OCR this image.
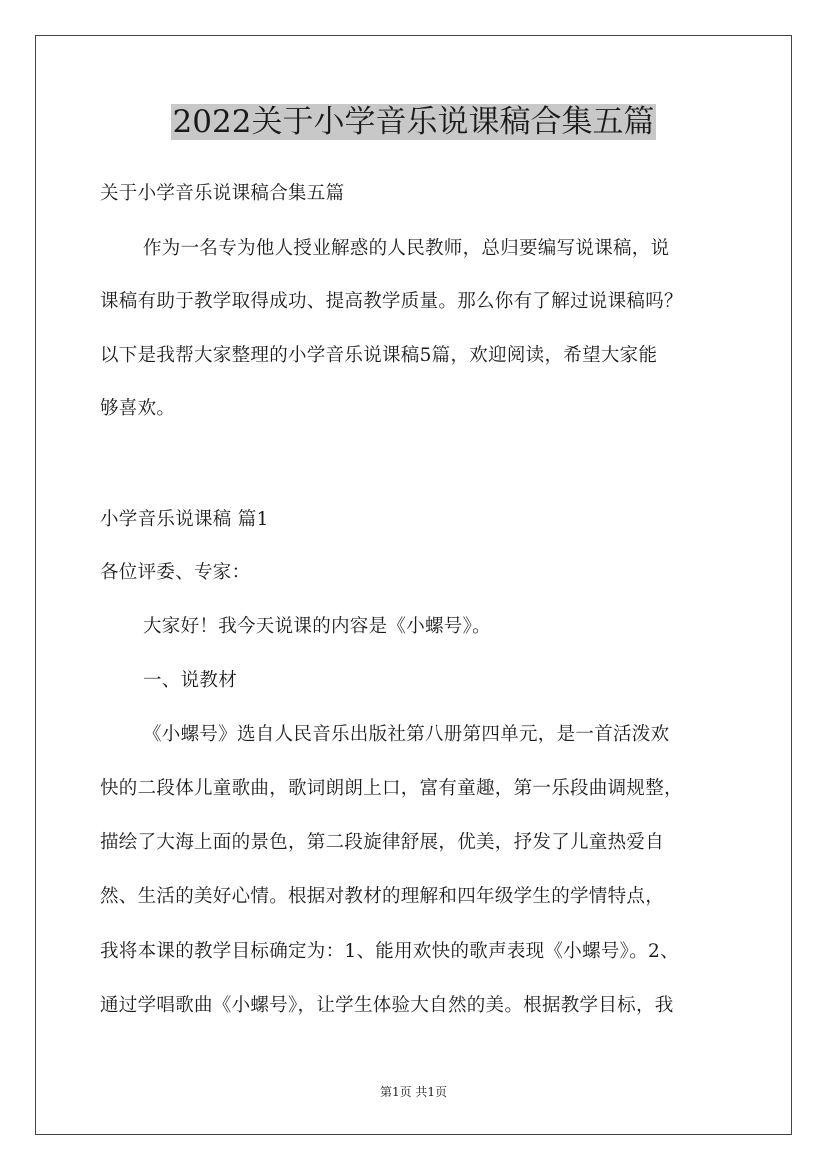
2022关于小学音乐说课稿合集五篇
关于小学音乐说课稿合集五篇
作为一名专为他人授业解惑的人民教师，总归要编写说课稿，说
课稿有助于教学取得成功、提高教学质量。那么你有了解过说课稿吗？
以下是我帮大家整理的小学音乐说课稿5篇，欢迎阅读，希望大家能
够喜欢。
小学音乐说课稿 篇1
各位评委、专家：
大家好！我今天说课的内容是《小螺号》。
一、说教材
《小螺号》选自人民音乐出版社第八册第四单元，是一首活泼欢
快的二段体儿童歌曲，歌词朗朗上口，富有童趣，第一乐段曲调规整，
描绘了大海上面的景色，第二段旋律舒展，优美，抒发了儿童热爱自
然、生活的美好心情。根据对教材的理解和四年级学生的学情特点，
我将本课的教学目标确定为：1、能用欢快的歌声表现《小螺号》。2、
通过学唱歌曲《小螺号》，让学生体验大自然的美。根据教学目标，我
第1页 共1页
